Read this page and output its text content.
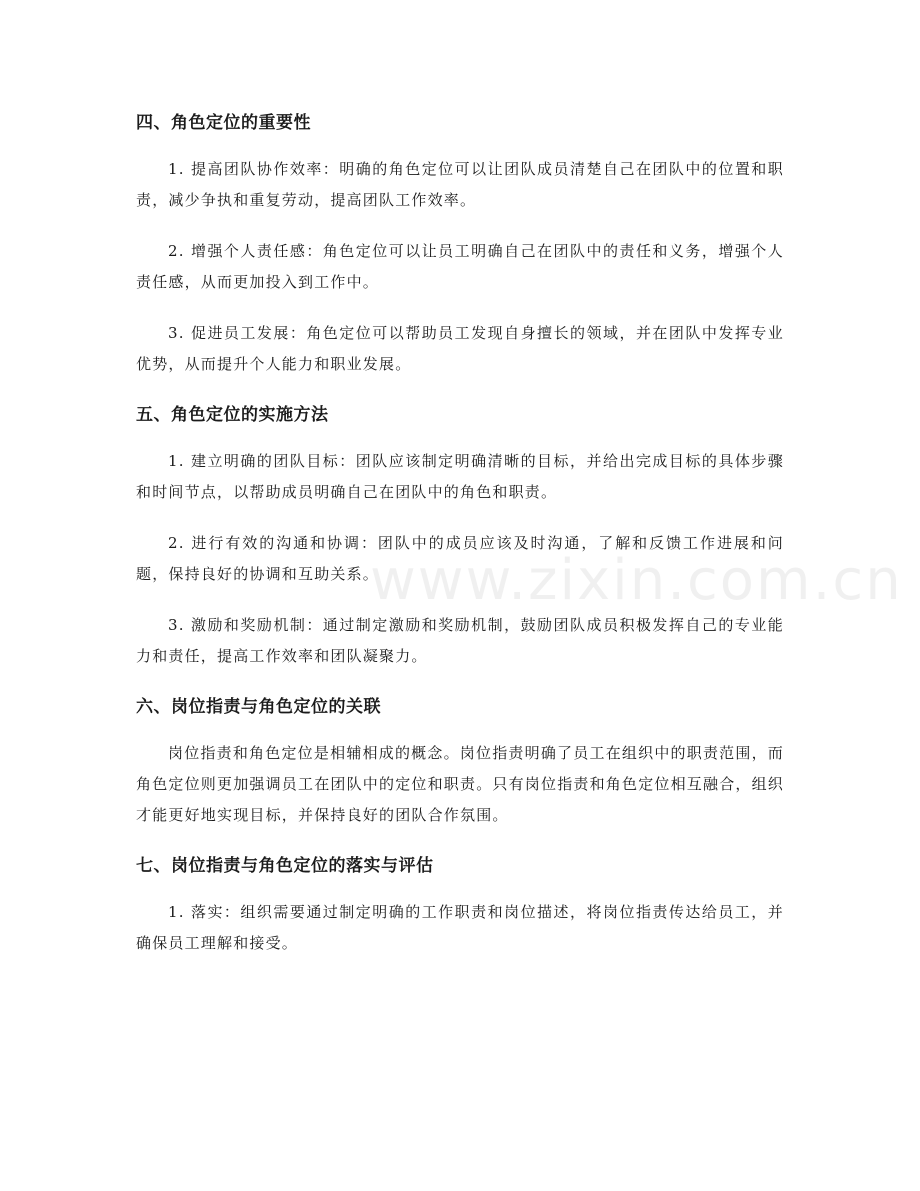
四、角色定位的重要性

1. 提高团队协作效率：明确的角色定位可以让团队成员清楚自己在团队中的位置和职责，减少争执和重复劳动，提高团队工作效率。

2. 增强个人责任感：角色定位可以让员工明确自己在团队中的责任和义务，增强个人责任感，从而更加投入到工作中。

3. 促进员工发展：角色定位可以帮助员工发现自身擅长的领域，并在团队中发挥专业优势，从而提升个人能力和职业发展。

五、角色定位的实施方法

1. 建立明确的团队目标：团队应该制定明确清晰的目标，并给出完成目标的具体步骤和时间节点，以帮助成员明确自己在团队中的角色和职责。

2. 进行有效的沟通和协调：团队中的成员应该及时沟通，了解和反馈工作进展和问题，保持良好的协调和互助关系。

3. 激励和奖励机制：通过制定激励和奖励机制，鼓励团队成员积极发挥自己的专业能力和责任，提高工作效率和团队凝聚力。

六、岗位指责与角色定位的关联

岗位指责和角色定位是相辅相成的概念。岗位指责明确了员工在组织中的职责范围，而角色定位则更加强调员工在团队中的定位和职责。只有岗位指责和角色定位相互融合，组织才能更好地实现目标，并保持良好的团队合作氛围。

七、岗位指责与角色定位的落实与评估

1. 落实：组织需要通过制定明确的工作职责和岗位描述，将岗位指责传达给员工，并确保员工理解和接受。

www.zixin.com.cn
